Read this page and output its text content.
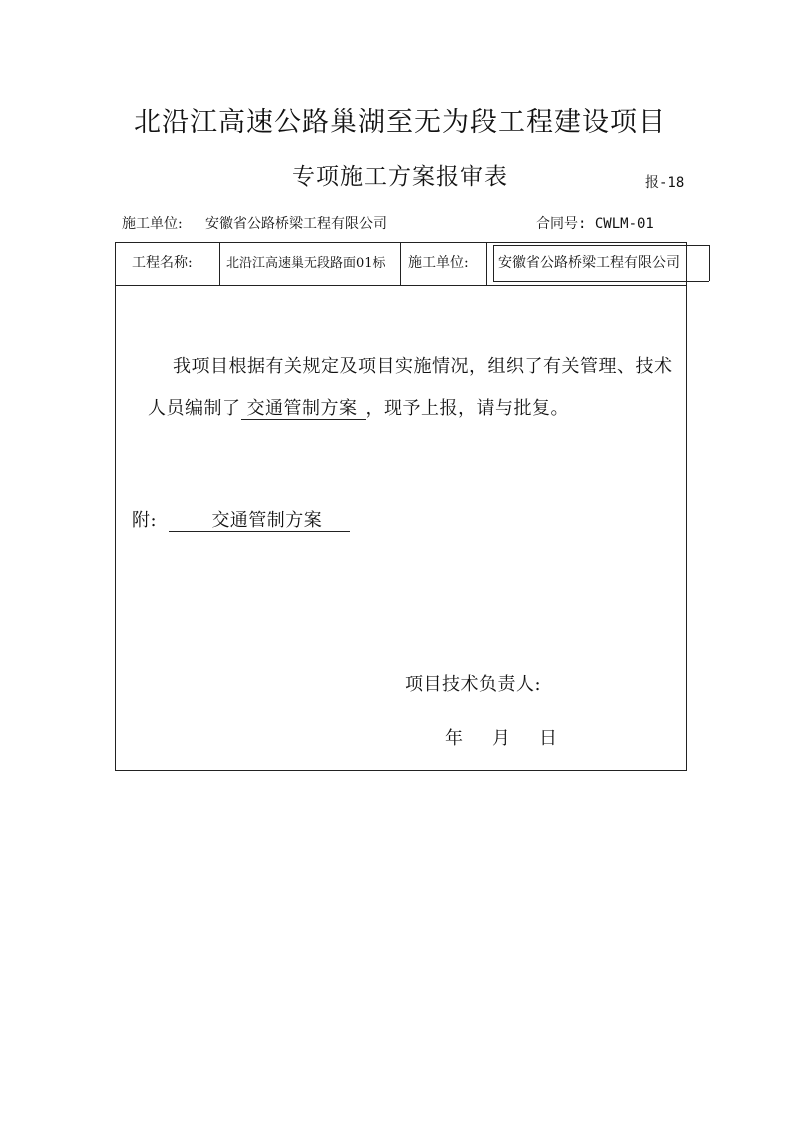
北沿江高速公路巢湖至无为段工程建设项目
专项施工方案报审表	报-18
施工单位: 安徽省公路桥梁工程有限公司	合同号: CWLM-01
工程名称:	北沿江高速巢无段路面01标 施工单位: 安徽省公路桥梁工程有限公司
我项目根据有关规定及项目实施情况，组织了有关管理、技术
人员编制了 交通管制方案 ，现予上报，请与批复。
附:	交通管制方案
项目技术负责人:
年 月 日
